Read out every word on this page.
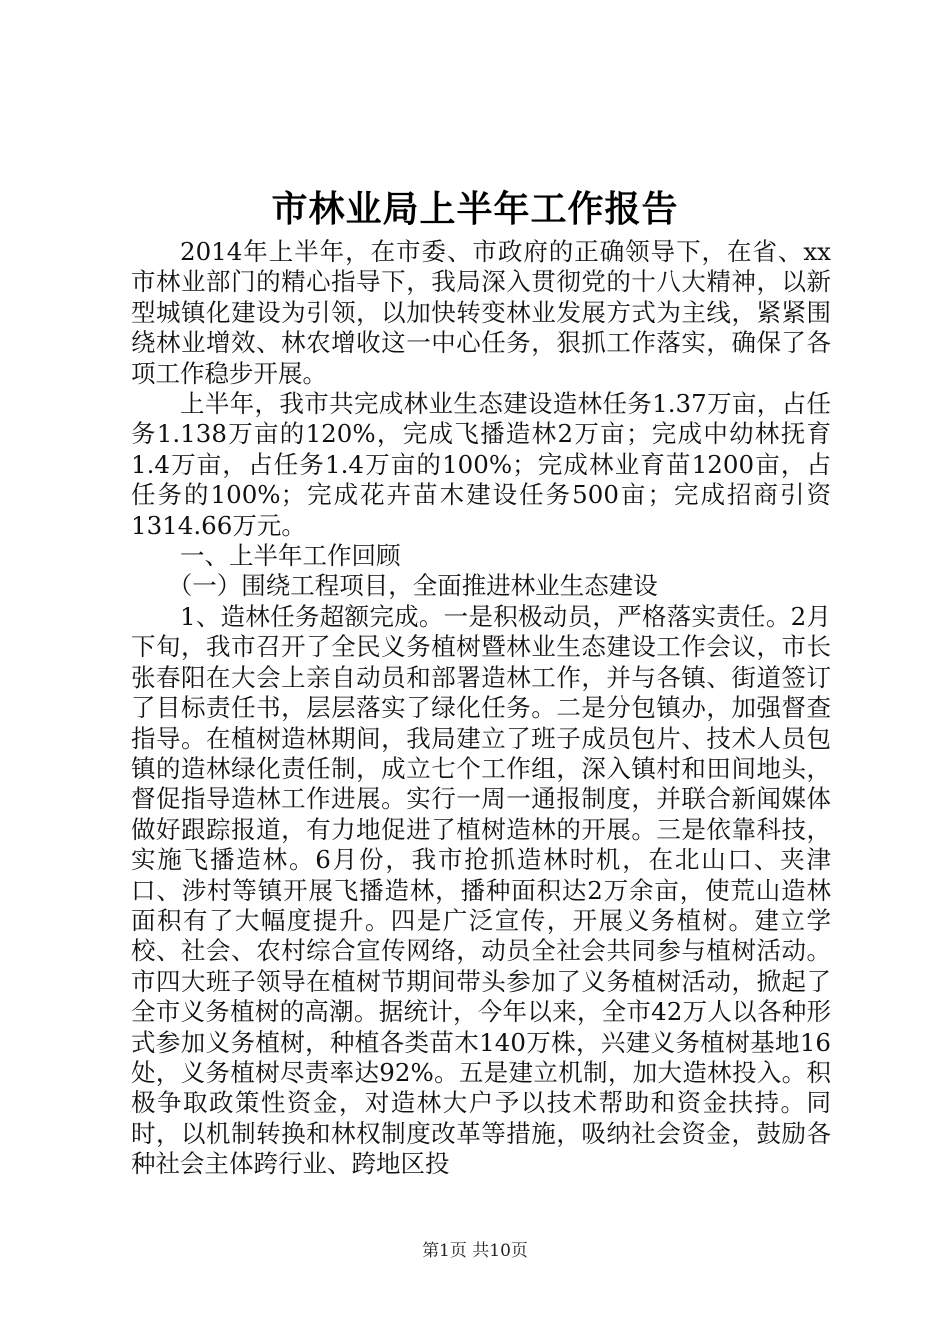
市林业局上半年工作报告

2014年上半年，在市委、市政府的正确领导下，在省、xx市林业部门的精心指导下，我局深入贯彻党的十八大精神，以新型城镇化建设为引领，以加快转变林业发展方式为主线，紧紧围绕林业增效、林农增收这一中心任务，狠抓工作落实，确保了各项工作稳步开展。

上半年，我市共完成林业生态建设造林任务1.37万亩，占任务1.138万亩的120%，完成飞播造林2万亩；完成中幼林抚育1.4万亩，占任务1.4万亩的100%；完成林业育苗1200亩，占任务的100%；完成花卉苗木建设任务500亩；完成招商引资1314.66万元。

一、上半年工作回顾

（一）围绕工程项目，全面推进林业生态建设

1、造林任务超额完成。一是积极动员，严格落实责任。2月下旬，我市召开了全民义务植树暨林业生态建设工作会议，市长张春阳在大会上亲自动员和部署造林工作，并与各镇、街道签订了目标责任书，层层落实了绿化任务。二是分包镇办，加强督查指导。在植树造林期间，我局建立了班子成员包片、技术人员包镇的造林绿化责任制，成立七个工作组，深入镇村和田间地头，督促指导造林工作进展。实行一周一通报制度，并联合新闻媒体做好跟踪报道，有力地促进了植树造林的开展。三是依靠科技，实施飞播造林。6月份，我市抢抓造林时机，在北山口、夹津口、涉村等镇开展飞播造林，播种面积达2万余亩，使荒山造林面积有了大幅度提升。四是广泛宣传，开展义务植树。建立学校、社会、农村综合宣传网络，动员全社会共同参与植树活动。市四大班子领导在植树节期间带头参加了义务植树活动，掀起了全市义务植树的高潮。据统计，今年以来，全市42万人以各种形式参加义务植树，种植各类苗木140万株，兴建义务植树基地16处，义务植树尽责率达92%。五是建立机制，加大造林投入。积极争取政策性资金，对造林大户予以技术帮助和资金扶持。同时，以机制转换和林权制度改革等措施，吸纳社会资金，鼓励各种社会主体跨行业、跨地区投

第1页 共10页
